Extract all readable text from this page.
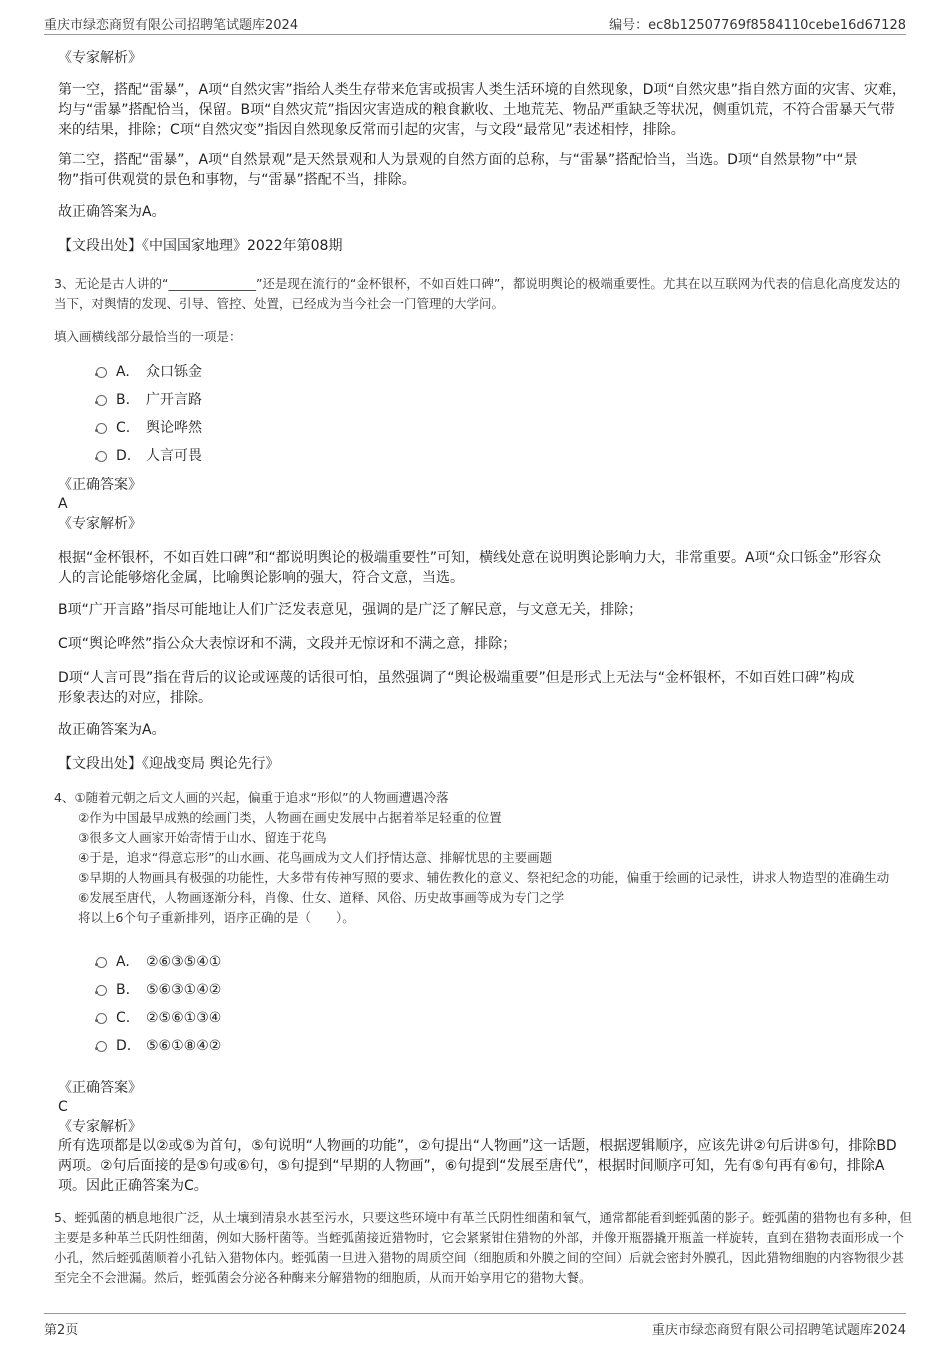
重庆市绿恋商贸有限公司招聘笔试题库2024	编号：ec8b12507769f8584110cebe16d67128
《专家解析》
第一空，搭配“雷暴”，A项“自然灾害”指给人类生存带来危害或损害人类生活环境的自然现象，D项“自然灾患”指自然方面的灾害、灾难，均与“雷暴”搭配恰当，保留。B项“自然灾荒”指因灾害造成的粮食歉收、土地荒芜、物品严重缺乏等状况，侧重饥荒，不符合雷暴天气带来的结果，排除；C项“自然灾变”指因自然现象反常而引起的灾害，与文段“最常见”表述相悖，排除。
第二空，搭配“雷暴”，A项“自然景观”是天然景观和人为景观的自然方面的总称，与“雷暴”搭配恰当，当选。D项“自然景物”中“景物”指可供观赏的景色和事物，与“雷暴”搭配不当，排除。
故正确答案为A。
【文段出处】《中国国家地理》2022年第08期
3、无论是古人讲的“______________”还是现在流行的“金杯银杯，不如百姓口碑”，都说明舆论的极端重要性。尤其在以互联网为代表的信息化高度发达的当下，对舆情的发现、引导、管控、处置，已经成为当今社会一门管理的大学问。
填入画横线部分最恰当的一项是：
A. 众口铄金
B. 广开言路
C. 舆论哗然
D. 人言可畏
《正确答案》
A
《专家解析》
根据“金杯银杯，不如百姓口碑”和“都说明舆论的极端重要性”可知，横线处意在说明舆论影响力大，非常重要。A项“众口铄金”形容众人的言论能够熔化金属，比喻舆论影响的强大，符合文意，当选。
B项“广开言路”指尽可能地让人们广泛发表意见，强调的是广泛了解民意，与文意无关，排除；
C项“舆论哗然”指公众大表惊讶和不满，文段并无惊讶和不满之意，排除；
D项“人言可畏”指在背后的议论或诬蔑的话很可怕，虽然强调了“舆论极端重要”但是形式上无法与“金杯银杯，不如百姓口碑”构成形象表达的对应，排除。
故正确答案为A。
【文段出处】《迎战变局 舆论先行》
4、①随着元朝之后文人画的兴起，偏重于追求“形似”的人物画遭遇冷落
②作为中国最早成熟的绘画门类，人物画在画史发展中占据着举足轻重的位置
③很多文人画家开始寄情于山水、留连于花鸟
④于是，追求“得意忘形”的山水画、花鸟画成为文人们抒情达意、排解忧思的主要画题
⑤早期的人物画具有极强的功能性，大多带有传神写照的要求、辅佐教化的意义、祭祀纪念的功能，偏重于绘画的记录性，讲求人物造型的准确生动
⑥发展至唐代，人物画逐渐分科，肖像、仕女、道释、风俗、历史故事画等成为专门之学
将以上6个句子重新排列，语序正确的是（　　）。
A. ②⑥③⑤④①
B. ⑤⑥③①④②
C. ②⑤⑥①③④
D. ⑤⑥①⑧④②
《正确答案》
C
《专家解析》
所有选项都是以②或⑤为首句，⑤句说明“人物画的功能”，②句提出“人物画”这一话题，根据逻辑顺序，应该先讲②句后讲⑤句，排除BD两项。②句后面接的是⑤句或⑥句，⑤句提到“早期的人物画”，⑥句提到“发展至唐代”，根据时间顺序可知，先有⑤句再有⑥句，排除A项。因此正确答案为C。
5、蛭弧菌的栖息地很广泛，从土壤到清泉水甚至污水，只要这些环境中有革兰氏阴性细菌和氧气，通常都能看到蛭弧菌的影子。蛭弧菌的猎物也有多种，但主要是多种革兰氏阴性细菌，例如大肠杆菌等。当蛭弧菌接近猎物时，它会紧紧钳住猎物的外部，并像开瓶器撬开瓶盖一样旋转，直到在猎物表面形成一个小孔，然后蛭弧菌顺着小孔钻入猎物体内。蛭弧菌一旦进入猎物的周质空间（细胞质和外膜之间的空间）后就会密封外膜孔，因此猎物细胞的内容物很少甚至完全不会泄漏。然后，蛭弧菌会分泌各种酶来分解猎物的细胞质，从而开始享用它的猎物大餐。
第2页	重庆市绿恋商贸有限公司招聘笔试题库2024
